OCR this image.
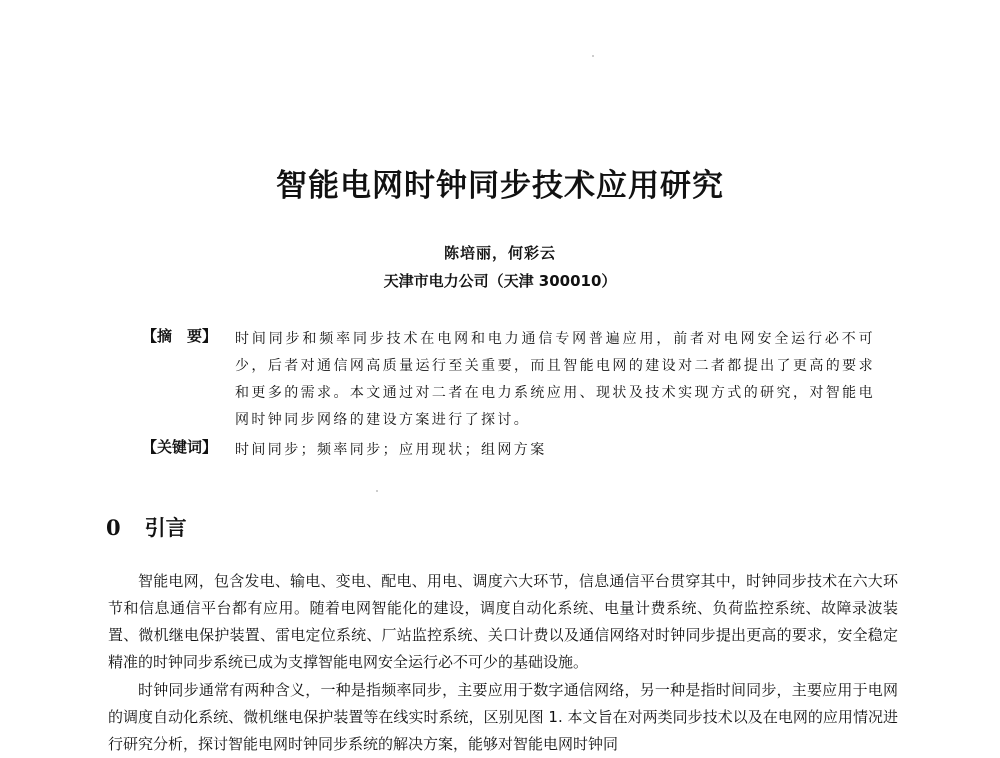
智能电网时钟同步技术应用研究
陈培丽，何彩云
天津市电力公司（天津 300010）
【摘　要】	时间同步和频率同步技术在电网和电力通信专网普遍应用，前者对电网安全运行必不可少，后者对通信网高质量运行至关重要，而且智能电网的建设对二者都提出了更高的要求和更多的需求。本文通过对二者在电力系统应用、现状及技术实现方式的研究，对智能电网时钟同步网络的建设方案进行了探讨。
【关键词】	时间同步；频率同步；应用现状；组网方案
0 引言

智能电网，包含发电、输电、变电、配电、用电、调度六大环节，信息通信平台贯穿其中，时钟同步技术在六大环节和信息通信平台都有应用。随着电网智能化的建设，调度自动化系统、电量计费系统、负荷监控系统、故障录波装置、微机继电保护装置、雷电定位系统、厂站监控系统、关口计费以及通信网络对时钟同步提出更高的要求，安全稳定精准的时钟同步系统已成为支撑智能电网安全运行必不可少的基础设施。

时钟同步通常有两种含义，一种是指频率同步，主要应用于数字通信网络，另一种是指时间同步，主要应用于电网的调度自动化系统、微机继电保护装置等在线实时系统，区别见图 1. 本文旨在对两类同步技术以及在电网的应用情况进行研究分析，探讨智能电网时钟同步系统的解决方案，能够对智能电网时钟同
